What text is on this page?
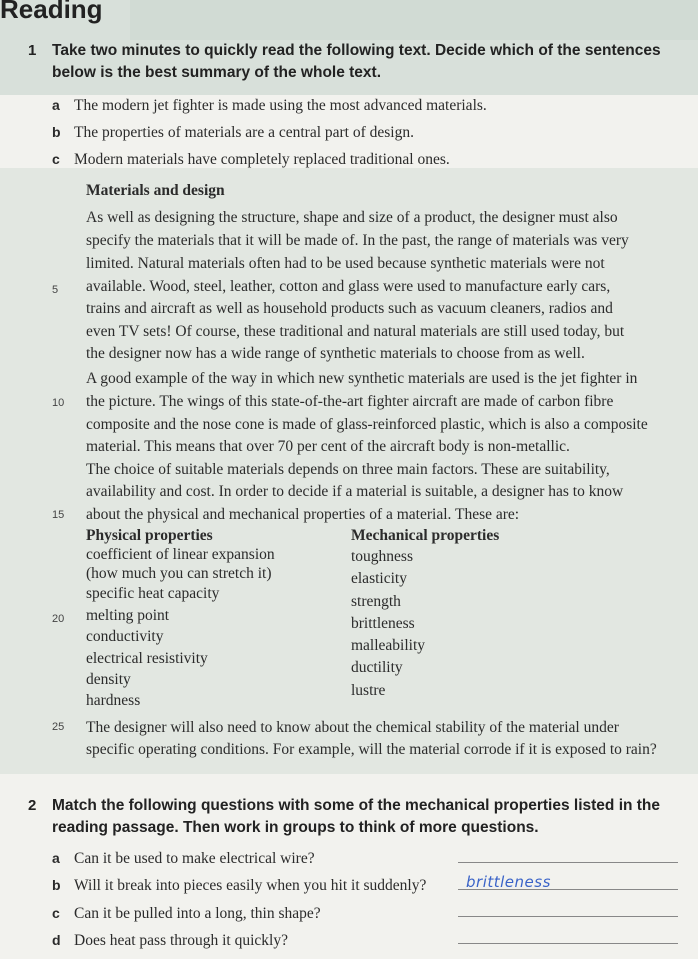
Reading
1 Take two minutes to quickly read the following text. Decide which of the sentences
below is the best summary of the whole text.
a The modern jet fighter is made using the most advanced materials.
b The properties of materials are a central part of design.
c Modern materials have completely replaced traditional ones.
Materials and design
As well as designing the structure, shape and size of a product, the designer must also
specify the materials that it will be made of. In the past, the range of materials was very
limited. Natural materials often had to be used because synthetic materials were not
available. Wood, steel, leather, cotton and glass were used to manufacture early cars,
trains and aircraft as well as household products such as vacuum cleaners, radios and
even TV sets! Of course, these traditional and natural materials are still used today, but
the designer now has a wide range of synthetic materials to choose from as well.
A good example of the way in which new synthetic materials are used is the jet fighter in
the picture. The wings of this state-of-the-art fighter aircraft are made of carbon fibre
composite and the nose cone is made of glass-reinforced plastic, which is also a composite
material. This means that over 70 per cent of the aircraft body is non-metallic.
The choice of suitable materials depends on three main factors. These are suitability,
availability and cost. In order to decide if a material is suitable, a designer has to know
about the physical and mechanical properties of a material. These are:
5
10
15
20
25
Physical properties
coefficient of linear expansion
(how much you can stretch it)
specific heat capacity
melting point
conductivity
electrical resistivity
density
hardness
Mechanical properties
toughness
elasticity
strength
brittleness
malleability
ductility
lustre
The designer will also need to know about the chemical stability of the material under
specific operating conditions. For example, will the material corrode if it is exposed to rain?
2 Match the following questions with some of the mechanical properties listed in the
reading passage. Then work in groups to think of more questions.
a Can it be used to make electrical wire?
b Will it break into pieces easily when you hit it suddenly?	brittleness
c Can it be pulled into a long, thin shape?
d Does heat pass through it quickly?
